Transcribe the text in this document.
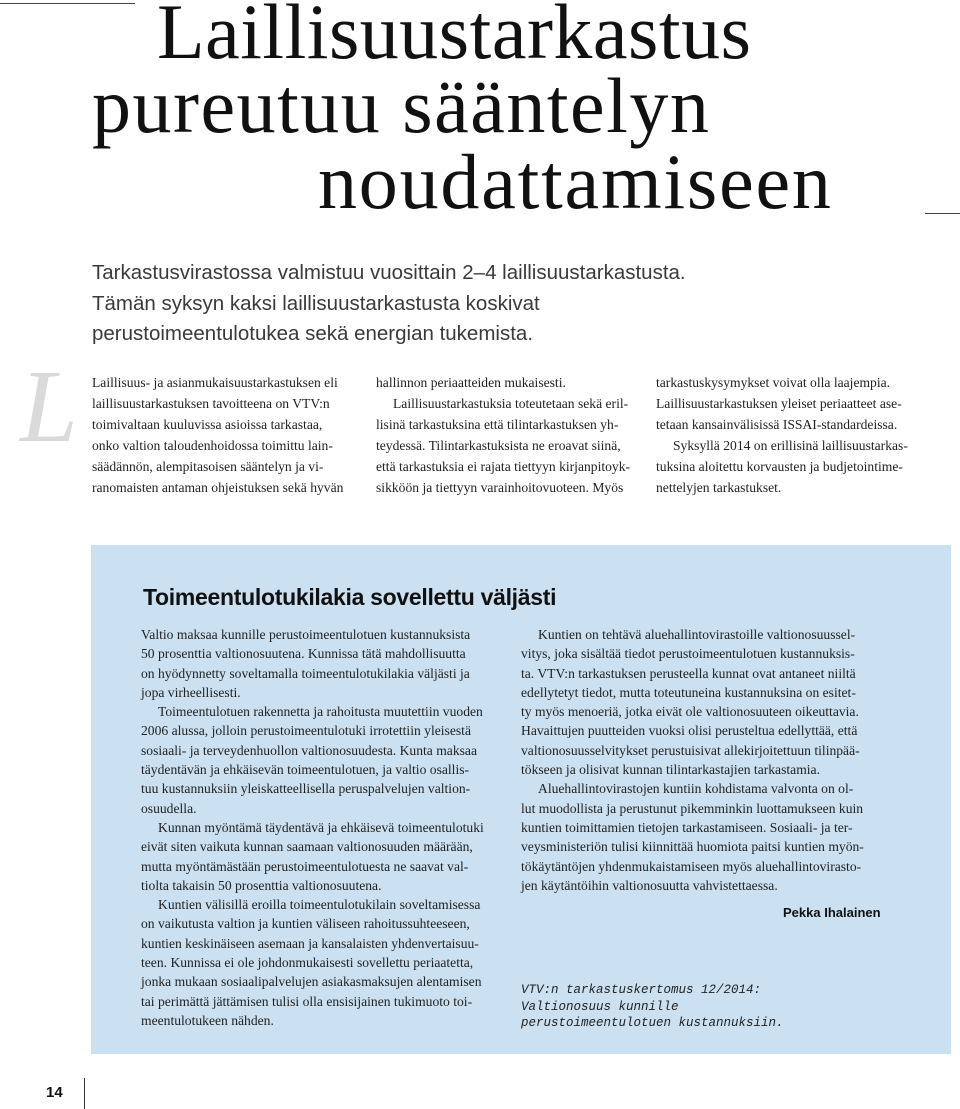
Laillisuustarkastus
pureutuu sääntelyn
noudattamiseen
Tarkastusvirastossa valmistuu vuosittain 2–4 laillisuustarkastusta.
Tämän syksyn kaksi laillisuustarkastusta koskivat
perustoimeentulotukea sekä energian tukemista.
L Laillisuus- ja asianmukaisuustarkastuksen eli
laillisuustarkastuksen tavoitteena on VTV:n
toimivaltaan kuuluvissa asioissa tarkastaa,
onko valtion taloudenhoidossa toimittu lain-
säädännön, alempitasoisen sääntelyn ja vi-
ranomaisten antaman ohjeistuksen sekä hyvän
hallinnon periaatteiden mukaisesti.
Laillisuustarkastuksia toteutetaan sekä eril-
lisinä tarkastuksina että tilintarkastuksen yh-
teydessä. Tilintarkastuksista ne eroavat siinä,
että tarkastuksia ei rajata tiettyyn kirjanpitoyk-
sikköön ja tiettyyn varainhoitovuoteen. Myös
tarkastuskysymykset voivat olla laajempia.
Laillisuustarkastuksen yleiset periaatteet ase-
tetaan kansainvälisissä ISSAI-standardeissa.
Syksyllä 2014 on erillisinä laillisuustarkas-
tuksina aloitettu korvausten ja budjetointime-
nettelyjen tarkastukset.
Toimeentulotukilakia sovellettu väljästi
Valtio maksaa kunnille perustoimeentulotuen kustannuksista
50 prosenttia valtionosuutena. Kunnissa tätä mahdollisuutta
on hyödynnetty soveltamalla toimeentulotukilakia väljästi ja
jopa virheellisesti.
Toimeentulotuen rakennetta ja rahoitusta muutettiin vuoden
2006 alussa, jolloin perustoimeentulotuki irrotettiin yleisestä
sosiaali- ja terveydenhuollon valtionosuudesta. Kunta maksaa
täydentävän ja ehkäisevän toimeentulotuen, ja valtio osallis-
tuu kustannuksiin yleiskatteellisella peruspalvelujen valtion-
osuudella.
Kunnan myöntämä täydentävä ja ehkäisevä toimeentulotuki
eivät siten vaikuta kunnan saamaan valtionosuuden määrään,
mutta myöntämästään perustoimeentulotuesta ne saavat val-
tiolta takaisin 50 prosenttia valtionosuutena.
Kuntien välisillä eroilla toimeentulotukilain soveltamisessa
on vaikutusta valtion ja kuntien väliseen rahoitussuhteeseen,
kuntien keskinäiseen asemaan ja kansalaisten yhdenvertaisuu-
teen. Kunnissa ei ole johdonmukaisesti sovellettu periaatetta,
jonka mukaan sosiaalipalvelujen asiakasmaksujen alentamisen
tai perimättä jättämisen tulisi olla ensisijainen tukimuoto toi-
meentulotukeen nähden.
Kuntien on tehtävä aluehallintovirastoille valtionosuussel-
vitys, joka sisältää tiedot perustoimeentulotuen kustannuksis-
ta. VTV:n tarkastuksen perusteella kunnat ovat antaneet niiltä
edellytetyt tiedot, mutta toteutuneina kustannuksina on esitet-
ty myös menoeriä, jotka eivät ole valtionosuuteen oikeuttavia.
Havaittujen puutteiden vuoksi olisi perusteltua edellyttää, että
valtionosuusselvitykset perustuisivat allekirjoitettuun tilinpää-
tökseen ja olisivat kunnan tilintarkastajien tarkastamia.
Aluehallintovirastojen kuntiin kohdistama valvonta on ol-
lut muodollista ja perustunut pikemminkin luottamukseen kuin
kuntien toimittamien tietojen tarkastamiseen. Sosiaali- ja ter-
veysministeriön tulisi kiinnittää huomiota paitsi kuntien myön-
tökäytäntöjen yhdenmukaistamiseen myös aluehallintovirasto-
jen käytäntöihin valtionosuutta vahvistettaessa.
Pekka Ihalainen
VTV:n tarkastuskertomus 12/2014:
Valtionosuus kunnille
perustoimeentulotuen kustannuksiin.
14
